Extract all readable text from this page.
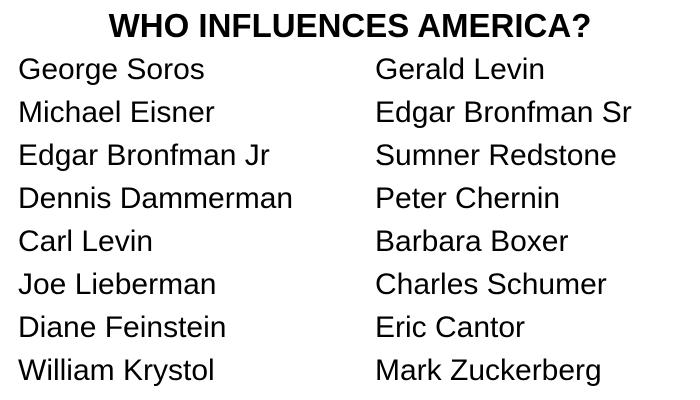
WHO INFLUENCES AMERICA?
George Soros
Michael Eisner
Edgar Bronfman Jr
Dennis Dammerman
Carl Levin
Joe Lieberman
Diane Feinstein
William Krystol
Gerald Levin
Edgar Bronfman Sr
Sumner Redstone
Peter Chernin
Barbara Boxer
Charles Schumer
Eric Cantor
Mark Zuckerberg
